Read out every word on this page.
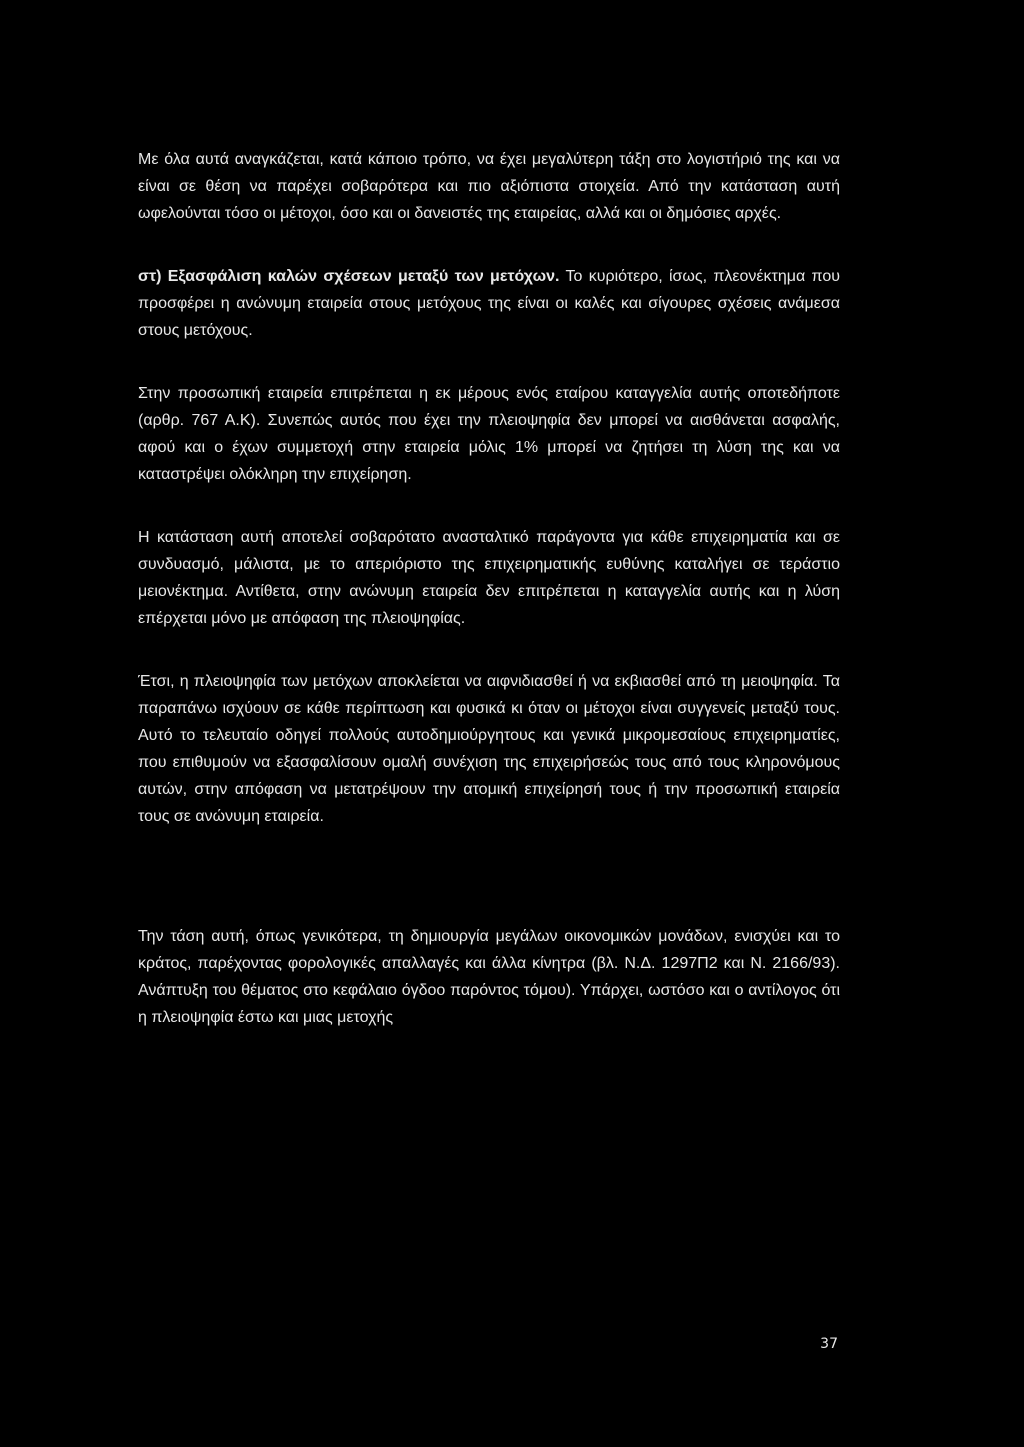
Με όλα αυτά αναγκάζεται, κατά κάποιο τρόπο, να έχει μεγαλύτερη τάξη στο λογιστήριό της και να είναι σε θέση να παρέχει σοβαρότερα και πιο αξιόπιστα στοιχεία. Από την κατάσταση αυτή ωφελούνται τόσο οι μέτοχοι, όσο και οι δανειστές της εταιρείας, αλλά και οι δημόσιες αρχές.

στ) Εξασφάλιση καλών σχέσεων μεταξύ των μετόχων. Το κυριότερο, ίσως, πλεονέκτημα που προσφέρει η ανώνυμη εταιρεία στους μετόχους της είναι οι καλές και σίγουρες σχέσεις ανάμεσα στους μετόχους.

Στην προσωπική εταιρεία επιτρέπεται η εκ μέρους ενός εταίρου καταγγελία αυτής οποτεδήποτε (αρθρ. 767 Α.Κ). Συνεπώς αυτός που έχει την πλειοψηφία δεν μπορεί να αισθάνεται ασφαλής, αφού και ο έχων συμμετοχή στην εταιρεία μόλις 1% μπορεί να ζητήσει τη λύση της και να καταστρέψει ολόκληρη την επιχείρηση.

Η κατάσταση αυτή αποτελεί σοβαρότατο ανασταλτικό παράγοντα για κάθε επιχειρηματία και σε συνδυασμό, μάλιστα, με το απεριόριστο της επιχειρηματικής ευθύνης καταλήγει σε τεράστιο μειονέκτημα. Αντίθετα, στην ανώνυμη εταιρεία δεν επιτρέπεται η καταγγελία αυτής και η λύση επέρχεται μόνο με απόφαση της πλειοψηφίας.

Έτσι, η πλειοψηφία των μετόχων αποκλείεται να αιφνιδιασθεί ή να εκβιασθεί από τη μειοψηφία. Τα παραπάνω ισχύουν σε κάθε περίπτωση και φυσικά κι όταν οι μέτοχοι είναι συγγενείς μεταξύ τους. Αυτό το τελευταίο οδηγεί πολλούς αυτοδημιούργητους και γενικά μικρομεσαίους επιχειρηματίες, που επιθυμούν να εξασφαλίσουν ομαλή συνέχιση της επιχειρήσεώς τους από τους κληρονόμους αυτών, στην απόφαση να μετατρέψουν την ατομική επιχείρησή τους ή την προσωπική εταιρεία τους σε ανώνυμη εταιρεία.

Την τάση αυτή, όπως γενικότερα, τη δημιουργία μεγάλων οικονομικών μονάδων, ενισχύει και το κράτος, παρέχοντας φορολογικές απαλλαγές και άλλα κίνητρα (βλ. Ν.Δ. 1297Π2 και Ν. 2166/93). Ανάπτυξη του θέματος στο κεφάλαιο όγδοο παρόντος τόμου). Υπάρχει, ωστόσο και ο αντίλογος ότι η πλειοψηφία έστω και μιας μετοχής

37
